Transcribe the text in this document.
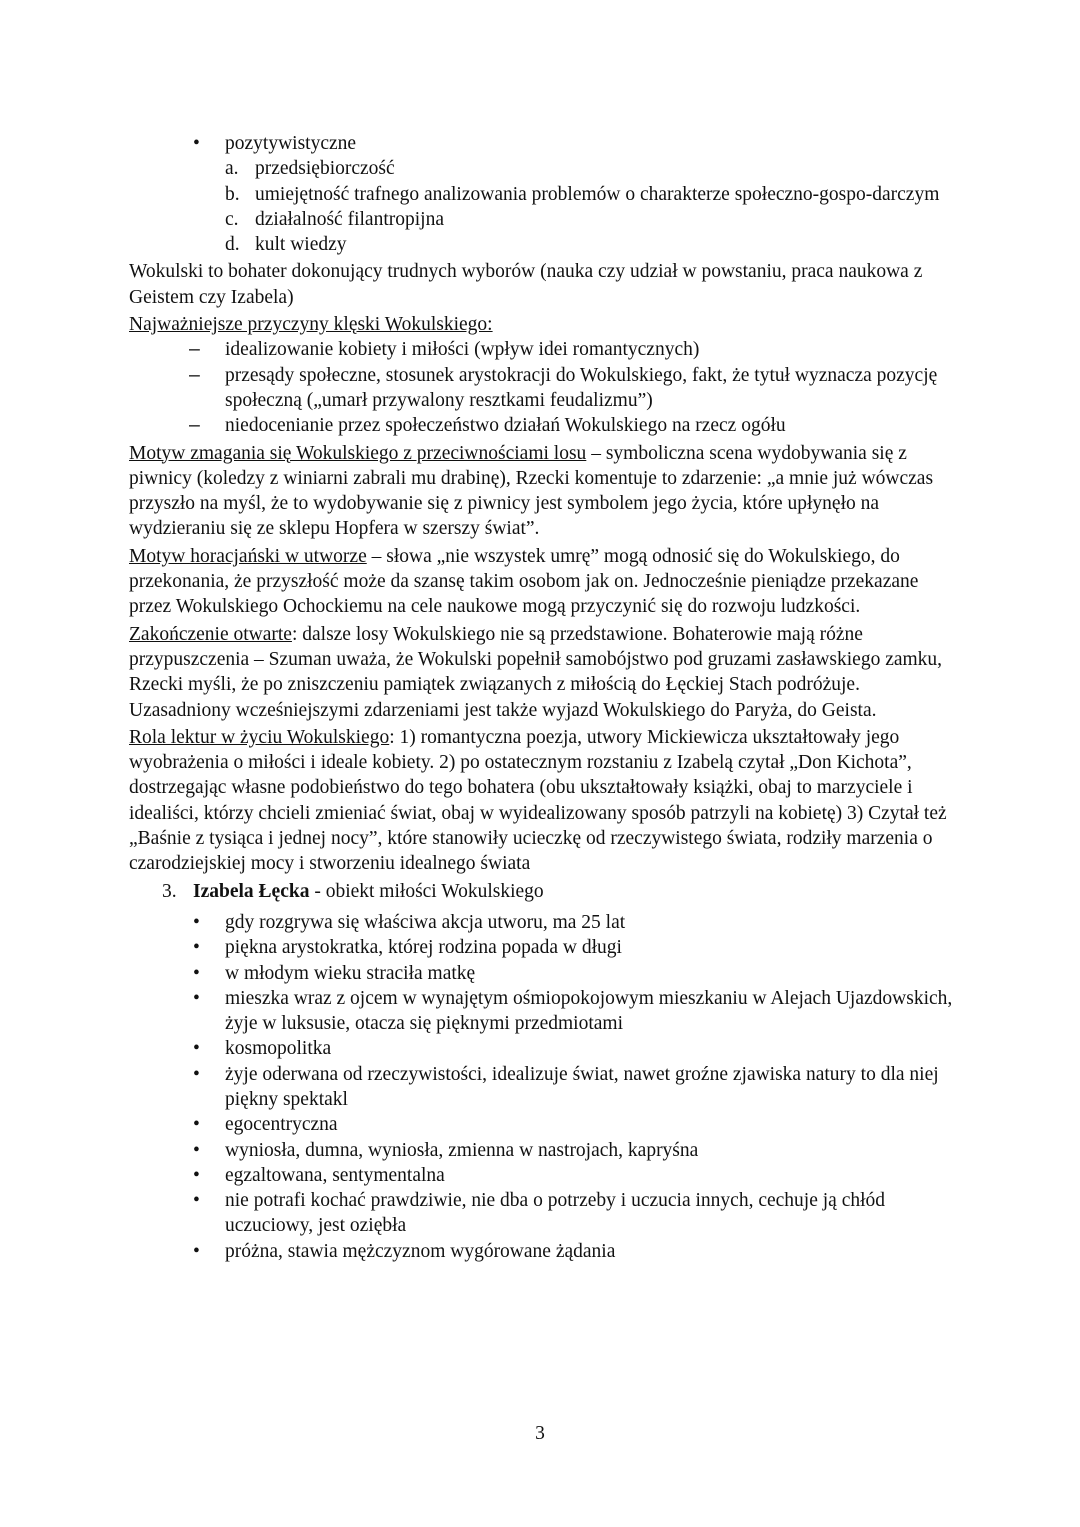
• pozytywistyczne
a. przedsiębiorczość
b. umiejętność trafnego analizowania problemów o charakterze społeczno-gospo-darczym
c. działalność filantropijna
d. kult wiedzy

Wokulski to bohater dokonujący trudnych wyborów (nauka czy udział w powstaniu, praca naukowa z Geistem czy Izabela)

Najważniejsze przyczyny klęski Wokulskiego:

– idealizowanie kobiety i miłości (wpływ idei romantycznych)
– przesądy społeczne, stosunek arystokracji do Wokulskiego, fakt, że tytuł wyznacza pozycję społeczną („umarł przywalony resztkami feudalizmu”)
– niedocenianie przez społeczeństwo działań Wokulskiego na rzecz ogółu

Motyw zmagania się Wokulskiego z przeciwnościami losu – symboliczna scena wydobywania się z piwnicy (koledzy z winiarni zabrali mu drabinę), Rzecki komentuje to zdarzenie: „a mnie już wówczas przyszło na myśl, że to wydobywanie się z piwnicy jest symbolem jego życia, które upłynęło na wydzieraniu się ze sklepu Hopfera w szerszy świat”.

Motyw horacjański w utworze – słowa „nie wszystek umrę” mogą odnosić się do Wokulskiego, do przekonania, że przyszłość może da szansę takim osobom jak on. Jednocześnie pieniądze przekazane przez Wokulskiego Ochockiemu na cele naukowe mogą przyczynić się do rozwoju ludzkości.

Zakończenie otwarte: dalsze losy Wokulskiego nie są przedstawione. Bohaterowie mają różne przypuszczenia – Szuman uważa, że Wokulski popełnił samobójstwo pod gruzami zasławskiego zamku, Rzecki myśli, że po zniszczeniu pamiątek związanych z miłością do Łęckiej Stach podróżuje. Uzasadniony wcześniejszymi zdarzeniami jest także wyjazd Wokulskiego do Paryża, do Geista.

Rola lektur w życiu Wokulskiego: 1) romantyczna poezja, utwory Mickiewicza ukształtowały jego wyobrażenia o miłości i ideale kobiety. 2) po ostatecznym rozstaniu z Izabelą czytał „Don Kichota”, dostrzegając własne podobieństwo do tego bohatera (obu ukształtowały książki, obaj to marzyciele i idealiści, którzy chcieli zmieniać świat, obaj w wyidealizowany sposób patrzyli na kobietę) 3) Czytał też „Baśnie z tysiąca i jednej nocy”, które stanowiły ucieczkę od rzeczywistego świata, rodziły marzenia o czarodziejskiej mocy i stworzeniu idealnego świata

3. Izabela Łęcka - obiekt miłości Wokulskiego
• gdy rozgrywa się właściwa akcja utworu, ma 25 lat
• piękna arystokratka, której rodzina popada w długi
• w młodym wieku straciła matkę
• mieszka wraz z ojcem w wynajętym ośmiopokojowym mieszkaniu w Alejach Ujazdowskich, żyje w luksusie, otacza się pięknymi przedmiotami
• kosmopolitka
• żyje oderwana od rzeczywistości, idealizuje świat, nawet groźne zjawiska natury to dla niej piękny spektakl
• egocentryczna
• wyniosła, dumna, wyniosła, zmienna w nastrojach, kapryśna
• egzaltowana, sentymentalna
• nie potrafi kochać prawdziwie, nie dba o potrzeby i uczucia innych, cechuje ją chłód uczuciowy, jest oziębła
• próżna, stawia mężczyznom wygórowane żądania
3
